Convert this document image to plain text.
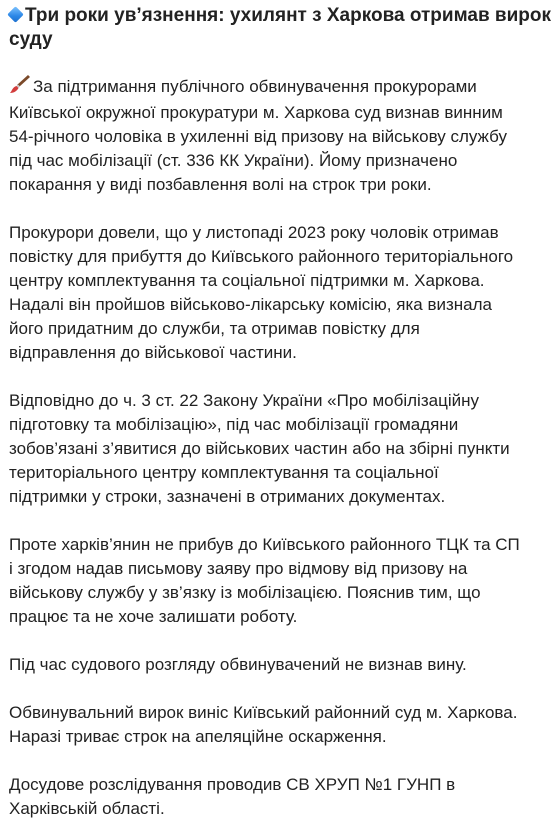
Три роки ув’язнення: ухилянт з Харкова отримав вирок
суду
За підтримання публічного обвинувачення прокурорами
Київської окружної прокуратури м. Харкова суд визнав винним
54-річного чоловіка в ухиленні від призову на військову службу
під час мобілізації (ст. 336 КК України). Йому призначено
покарання у виді позбавлення волі на строк три роки.
Прокурори довели, що у листопаді 2023 року чоловік отримав
повістку для прибуття до Київського районного територіального
центру комплектування та соціальної підтримки м. Харкова.
Надалі він пройшов військово-лікарську комісію, яка визнала
його придатним до служби, та отримав повістку для
відправлення до військової частини.
Відповідно до ч. 3 ст. 22 Закону України «Про мобілізаційну
підготовку та мобілізацію», під час мобілізації громадяни
зобов’язані з’явитися до військових частин або на збірні пункти
територіального центру комплектування та соціальної
підтримки у строки, зазначені в отриманих документах.
Проте харків’янин не прибув до Київського районного ТЦК та СП
і згодом надав письмову заяву про відмову від призову на
військову службу у зв’язку із мобілізацією. Пояснив тим, що
працює та не хоче залишати роботу.
Під час судового розгляду обвинувачений не визнав вину.
Обвинувальний вирок виніс Київський районний суд м. Харкова.
Наразі триває строк на апеляційне оскарження.
Досудове розслідування проводив СВ ХРУП №1 ГУНП в
Харківській області.
